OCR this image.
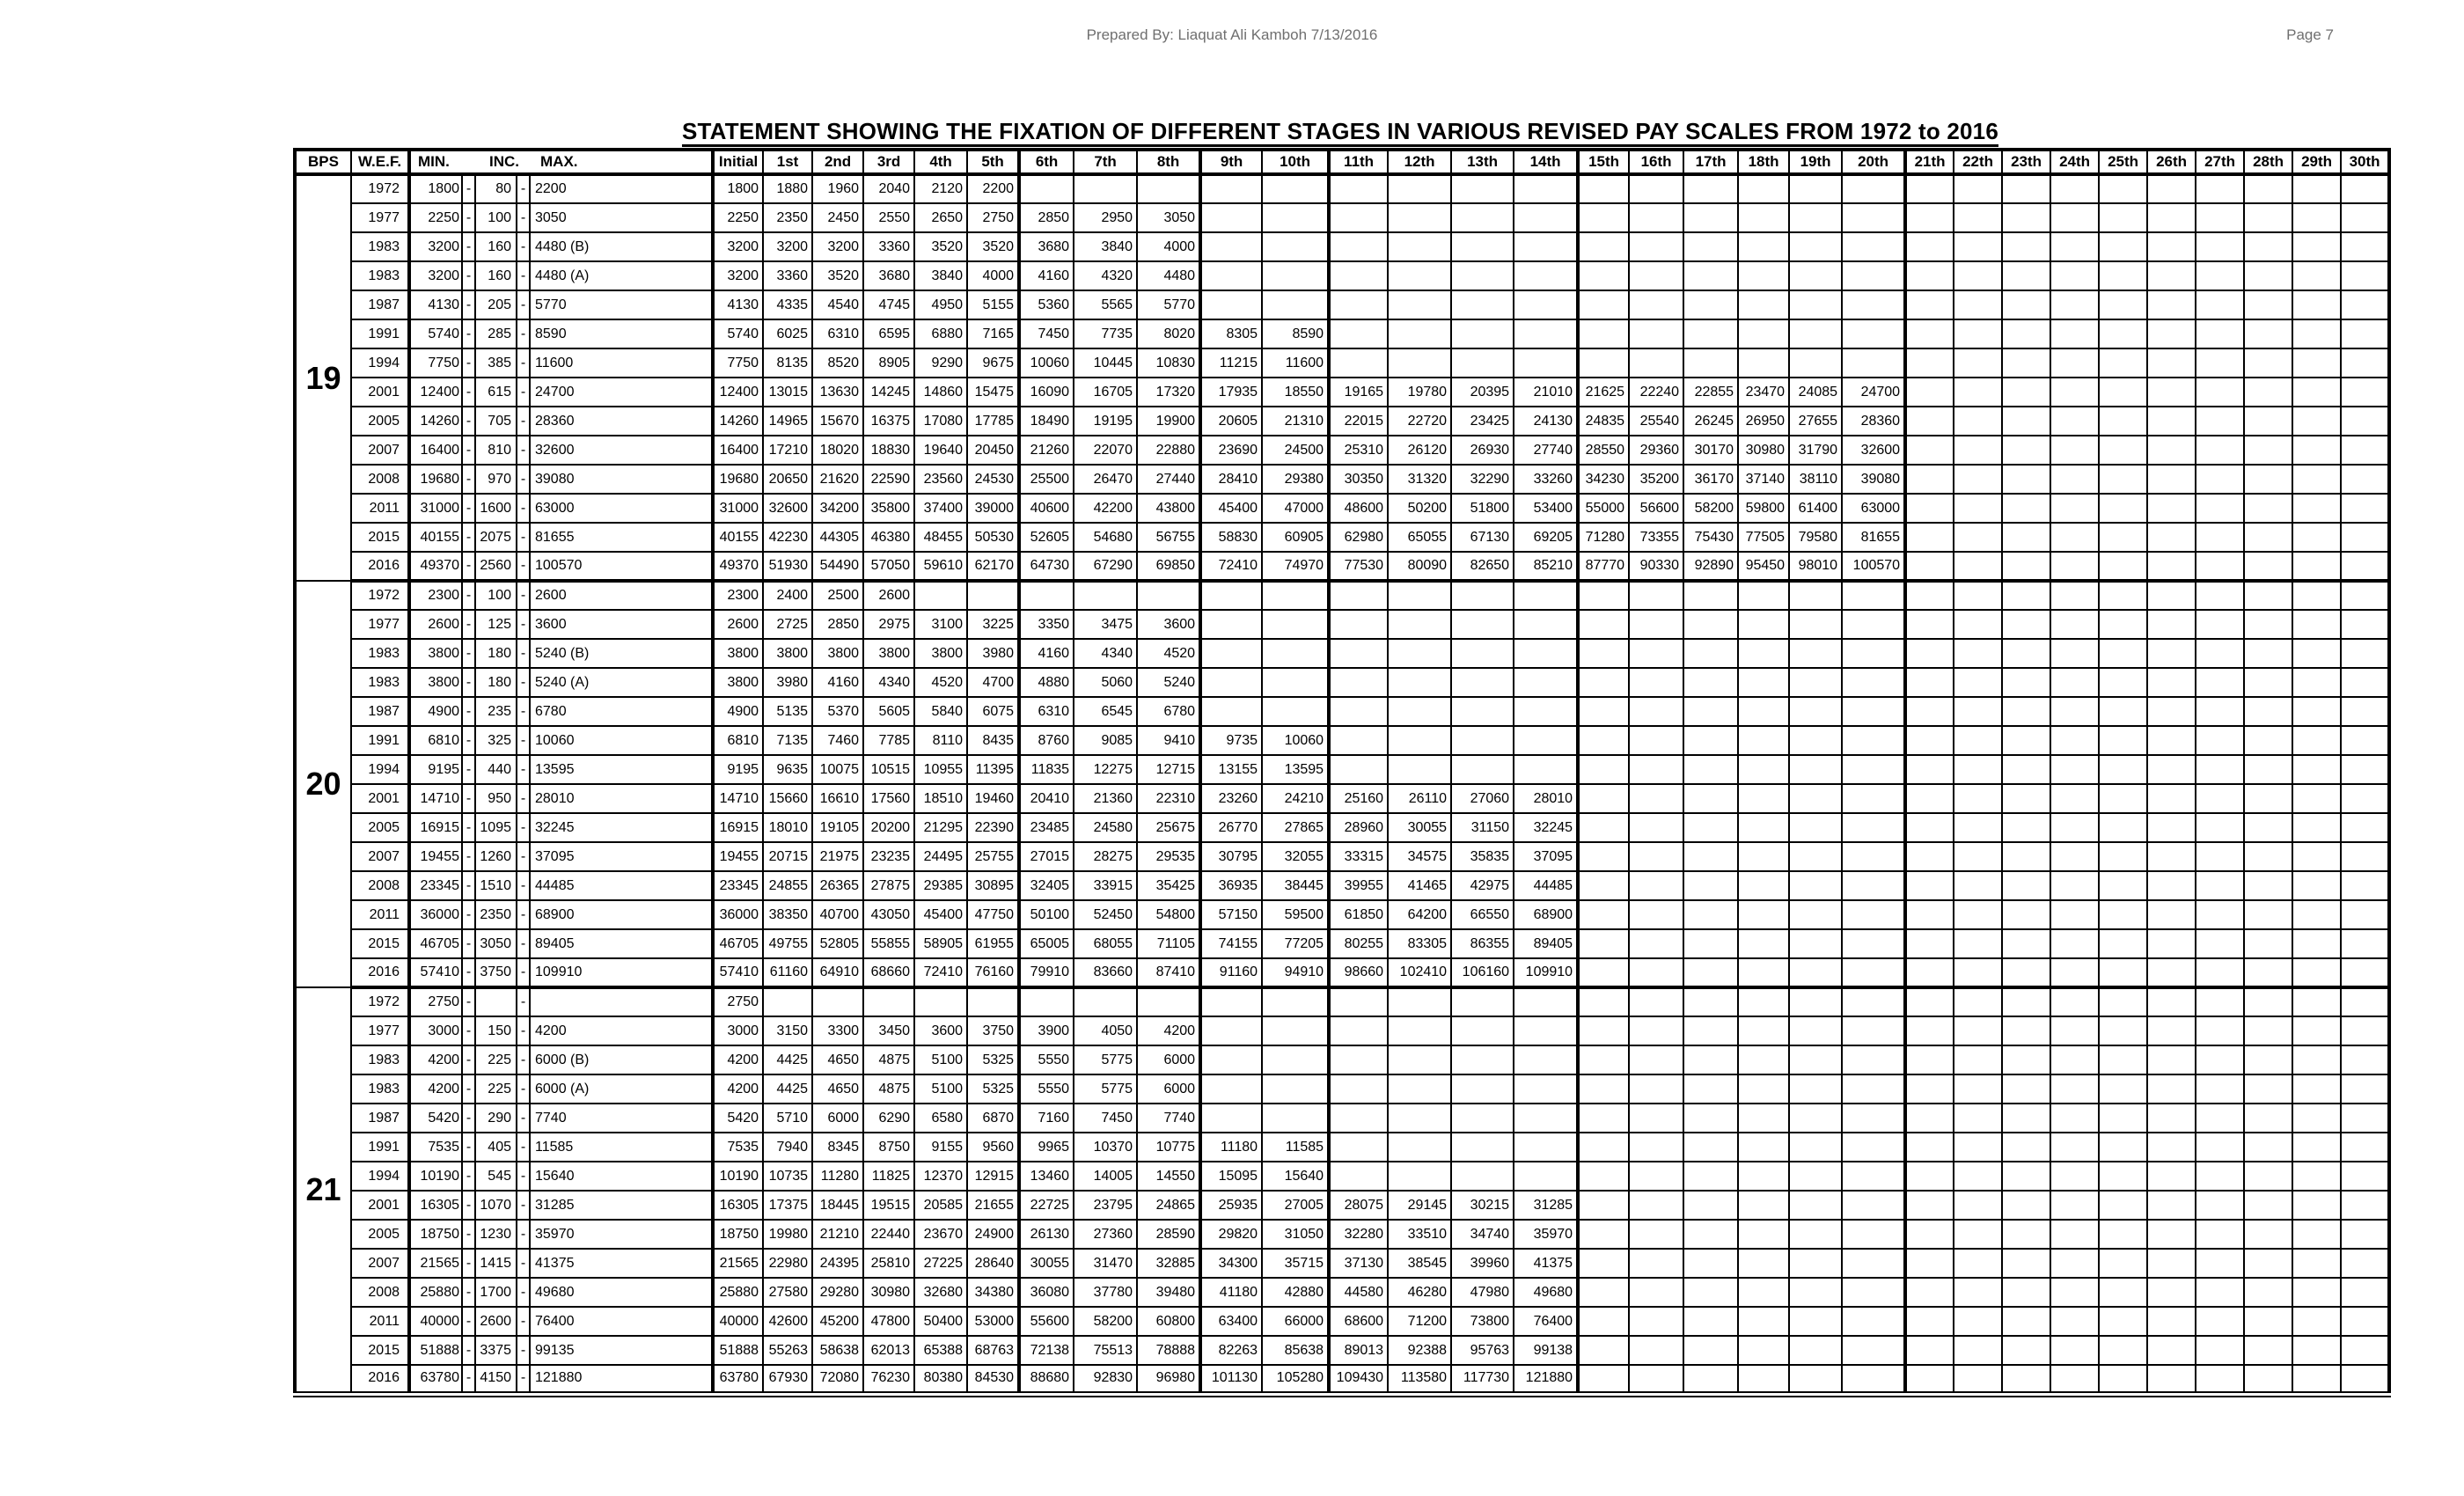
Prepared By: Liaquat Ali Kamboh 7/13/2016	Page 7
STATEMENT SHOWING THE FIXATION OF DIFFERENT STAGES IN VARIOUS REVISED PAY SCALES FROM 1972 to 2016
BPS	W.E.F.	MIN. INC. MAX.					Initial	1st	2nd	3rd	4th	5th	6th	7th	8th	9th	10th	11th	12th	13th	14th	15th	16th	17th	18th	19th	20th	21th	22th	23th	24th	25th	26th	27th	28th	29th	30th
19	1972	1800	-	80	-	2200	1800	1880	1960	2040	2120	2200																									
	1977	2250	-	100	-	3050	2250	2350	2450	2550	2650	2750	2850	2950	3050																						
	1983	3200	-	160	-	4480 (B)	3200	3200	3200	3360	3520	3520	3680	3840	4000																						
	1983	3200	-	160	-	4480 (A)	3200	3360	3520	3680	3840	4000	4160	4320	4480																						
	1987	4130	-	205	-	5770	4130	4335	4540	4745	4950	5155	5360	5565	5770																						
	1991	5740	-	285	-	8590	5740	6025	6310	6595	6880	7165	7450	7735	8020	8305	8590																				
	1994	7750	-	385	-	11600	7750	8135	8520	8905	9290	9675	10060	10445	10830	11215	11600																				
	2001	12400	-	615	-	24700	12400	13015	13630	14245	14860	15475	16090	16705	17320	17935	18550	19165	19780	20395	21010	21625	22240	22855	23470	24085	24700										
	2005	14260	-	705	-	28360	14260	14965	15670	16375	17080	17785	18490	19195	19900	20605	21310	22015	22720	23425	24130	24835	25540	26245	26950	27655	28360										
	2007	16400	-	810	-	32600	16400	17210	18020	18830	19640	20450	21260	22070	22880	23690	24500	25310	26120	26930	27740	28550	29360	30170	30980	31790	32600										
	2008	19680	-	970	-	39080	19680	20650	21620	22590	23560	24530	25500	26470	27440	28410	29380	30350	31320	32290	33260	34230	35200	36170	37140	38110	39080										
	2011	31000	-	1600	-	63000	31000	32600	34200	35800	37400	39000	40600	42200	43800	45400	47000	48600	50200	51800	53400	55000	56600	58200	59800	61400	63000										
	2015	40155	-	2075	-	81655	40155	42230	44305	46380	48455	50530	52605	54680	56755	58830	60905	62980	65055	67130	69205	71280	73355	75430	77505	79580	81655										
	2016	49370	-	2560	-	100570	49370	51930	54490	57050	59610	62170	64730	67290	69850	72410	74970	77530	80090	82650	85210	87770	90330	92890	95450	98010	100570										
20	1972	2300	-	100	-	2600	2300	2400	2500	2600																											
	1977	2600	-	125	-	3600	2600	2725	2850	2975	3100	3225	3350	3475	3600																						
	1983	3800	-	180	-	5240 (B)	3800	3800	3800	3800	3800	3980	4160	4340	4520																						
	1983	3800	-	180	-	5240 (A)	3800	3980	4160	4340	4520	4700	4880	5060	5240																						
	1987	4900	-	235	-	6780	4900	5135	5370	5605	5840	6075	6310	6545	6780																						
	1991	6810	-	325	-	10060	6810	7135	7460	7785	8110	8435	8760	9085	9410	9735	10060																				
	1994	9195	-	440	-	13595	9195	9635	10075	10515	10955	11395	11835	12275	12715	13155	13595																				
	2001	14710	-	950	-	28010	14710	15660	16610	17560	18510	19460	20410	21360	22310	23260	24210	25160	26110	27060	28010																
	2005	16915	-	1095	-	32245	16915	18010	19105	20200	21295	22390	23485	24580	25675	26770	27865	28960	30055	31150	32245																
	2007	19455	-	1260	-	37095	19455	20715	21975	23235	24495	25755	27015	28275	29535	30795	32055	33315	34575	35835	37095																
	2008	23345	-	1510	-	44485	23345	24855	26365	27875	29385	30895	32405	33915	35425	36935	38445	39955	41465	42975	44485																
	2011	36000	-	2350	-	68900	36000	38350	40700	43050	45400	47750	50100	52450	54800	57150	59500	61850	64200	66550	68900																
	2015	46705	-	3050	-	89405	46705	49755	52805	55855	58905	61955	65005	68055	71105	74155	77205	80255	83305	86355	89405																
	2016	57410	-	3750	-	109910	57410	61160	64910	68660	72410	76160	79910	83660	87410	91160	94910	98660	102410	106160	109910																
21	1972	2750	-		-		2750																														
	1977	3000	-	150	-	4200	3000	3150	3300	3450	3600	3750	3900	4050	4200																						
	1983	4200	-	225	-	6000 (B)	4200	4425	4650	4875	5100	5325	5550	5775	6000																						
	1983	4200	-	225	-	6000 (A)	4200	4425	4650	4875	5100	5325	5550	5775	6000																						
	1987	5420	-	290	-	7740	5420	5710	6000	6290	6580	6870	7160	7450	7740																						
	1991	7535	-	405	-	11585	7535	7940	8345	8750	9155	9560	9965	10370	10775	11180	11585																				
	1994	10190	-	545	-	15640	10190	10735	11280	11825	12370	12915	13460	14005	14550	15095	15640																				
	2001	16305	-	1070	-	31285	16305	17375	18445	19515	20585	21655	22725	23795	24865	25935	27005	28075	29145	30215	31285																
	2005	18750	-	1230	-	35970	18750	19980	21210	22440	23670	24900	26130	27360	28590	29820	31050	32280	33510	34740	35970																
	2007	21565	-	1415	-	41375	21565	22980	24395	25810	27225	28640	30055	31470	32885	34300	35715	37130	38545	39960	41375																
	2008	25880	-	1700	-	49680	25880	27580	29280	30980	32680	34380	36080	37780	39480	41180	42880	44580	46280	47980	49680																
	2011	40000	-	2600	-	76400	40000	42600	45200	47800	50400	53000	55600	58200	60800	63400	66000	68600	71200	73800	76400																
	2015	51888	-	3375	-	99135	51888	55263	58638	62013	65388	68763	72138	75513	78888	82263	85638	89013	92388	95763	99138																
	2016	63780	-	4150	-	121880	63780	67930	72080	76230	80380	84530	88680	92830	96980	101130	105280	109430	113580	117730	121880																
